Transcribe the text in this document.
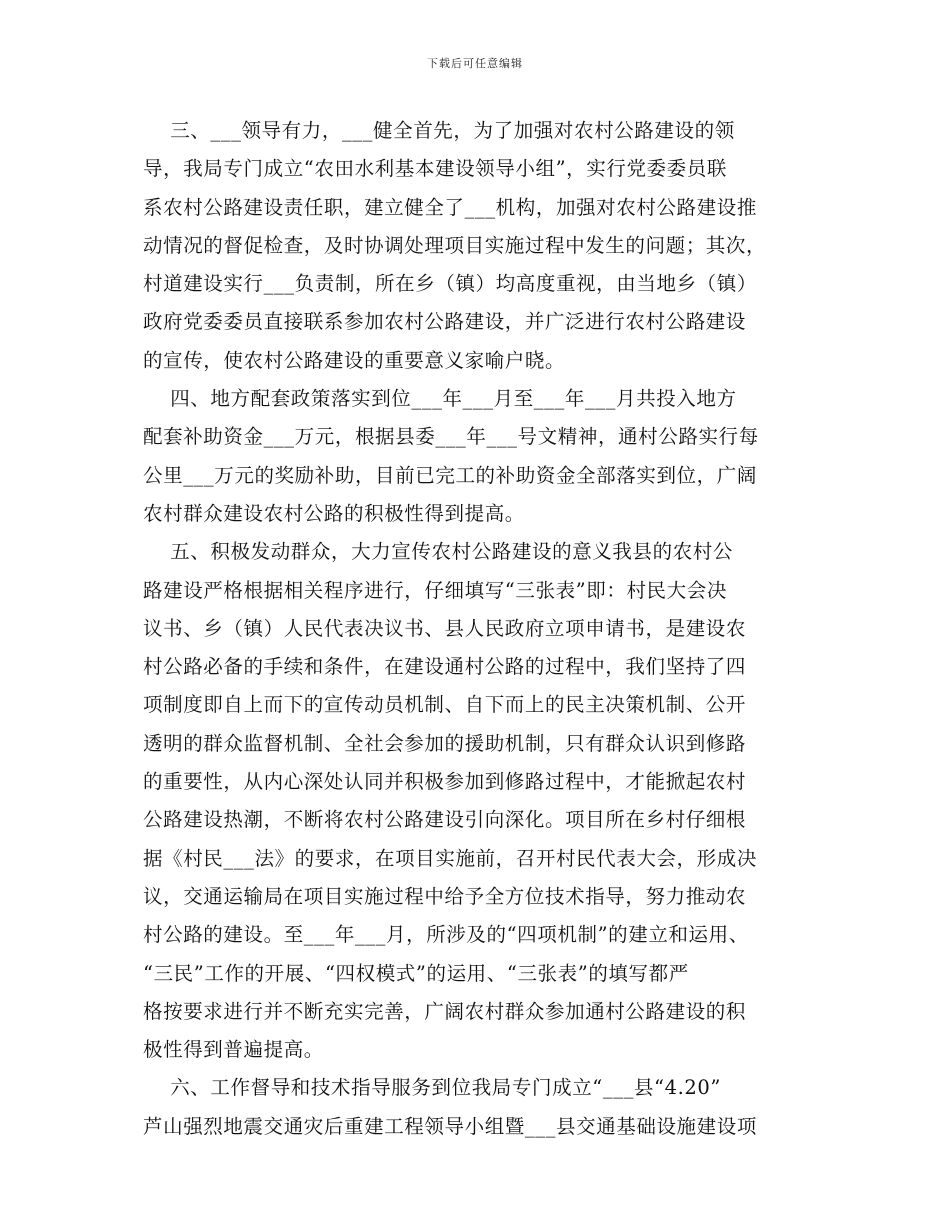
下载后可任意编辑
三、___领导有力，___健全首先，为了加强对农村公路建设的领
导，我局专门成立“农田水利基本建设领导小组”，实行党委委员联
系农村公路建设责任职，建立健全了___机构，加强对农村公路建设推
动情况的督促检查，及时协调处理项目实施过程中发生的问题；其次，
村道建设实行___负责制，所在乡（镇）均高度重视，由当地乡（镇）
政府党委委员直接联系参加农村公路建设，并广泛进行农村公路建设
的宣传，使农村公路建设的重要意义家喻户晓。
四、地方配套政策落实到位___年___月至___年___月共投入地方
配套补助资金___万元，根据县委___年___号文精神，通村公路实行每
公里___万元的奖励补助，目前已完工的补助资金全部落实到位，广阔
农村群众建设农村公路的积极性得到提高。
五、积极发动群众，大力宣传农村公路建设的意义我县的农村公
路建设严格根据相关程序进行，仔细填写“三张表”即：村民大会决
议书、乡（镇）人民代表决议书、县人民政府立项申请书，是建设农
村公路必备的手续和条件，在建设通村公路的过程中，我们坚持了四
项制度即自上而下的宣传动员机制、自下而上的民主决策机制、公开
透明的群众监督机制、全社会参加的援助机制，只有群众认识到修路
的重要性，从内心深处认同并积极参加到修路过程中，才能掀起农村
公路建设热潮，不断将农村公路建设引向深化。项目所在乡村仔细根
据《村民___法》的要求，在项目实施前，召开村民代表大会，形成决
议，交通运输局在项目实施过程中给予全方位技术指导，努力推动农
村公路的建设。至___年___月，所涉及的“四项机制”的建立和运用、
“三民”工作的开展、“四权模式”的运用、“三张表”的填写都严
格按要求进行并不断充实完善，广阔农村群众参加通村公路建设的积
极性得到普遍提高。
六、工作督导和技术指导服务到位我局专门成立“___县“4.20”
芦山强烈地震交通灾后重建工程领导小组暨___县交通基础设施建设项
